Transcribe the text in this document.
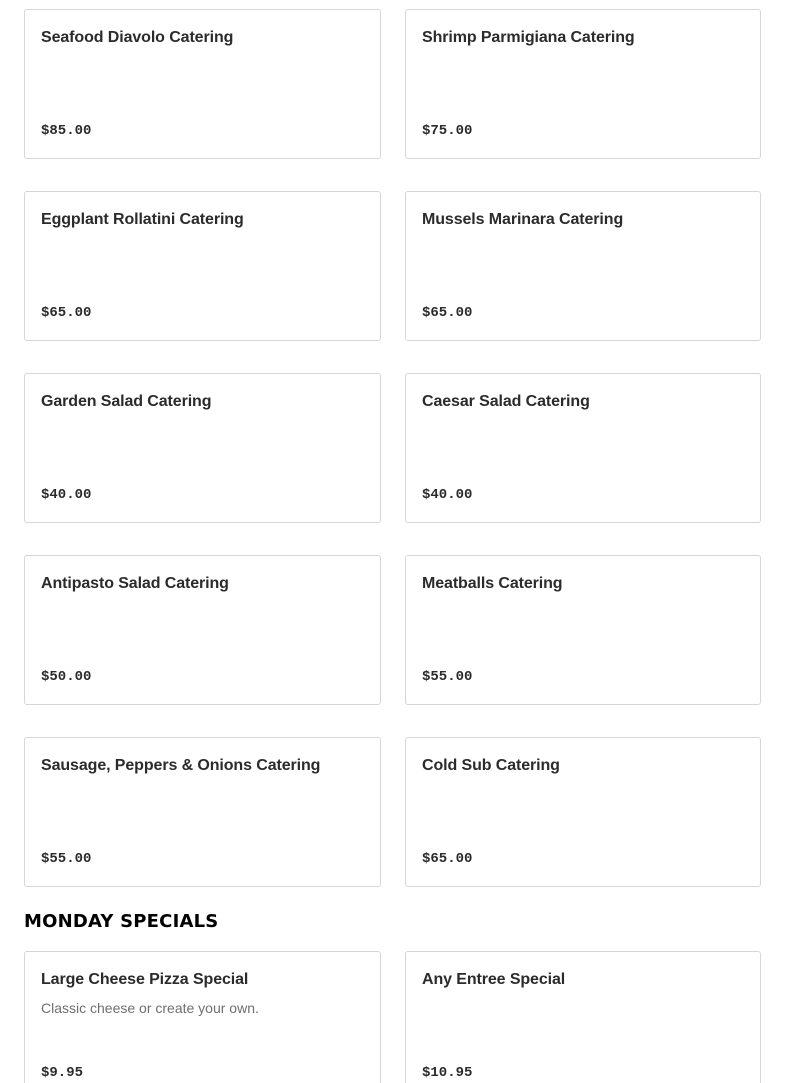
Seafood Diavolo Catering
$85.00
Shrimp Parmigiana Catering
$75.00
Eggplant Rollatini Catering
$65.00
Mussels Marinara Catering
$65.00
Garden Salad Catering
$40.00
Caesar Salad Catering
$40.00
Antipasto Salad Catering
$50.00
Meatballs Catering
$55.00
Sausage, Peppers & Onions Catering
$55.00
Cold Sub Catering
$65.00
MONDAY SPECIALS
Large Cheese Pizza Special
Classic cheese or create your own.
$9.95
Any Entree Special
$10.95
